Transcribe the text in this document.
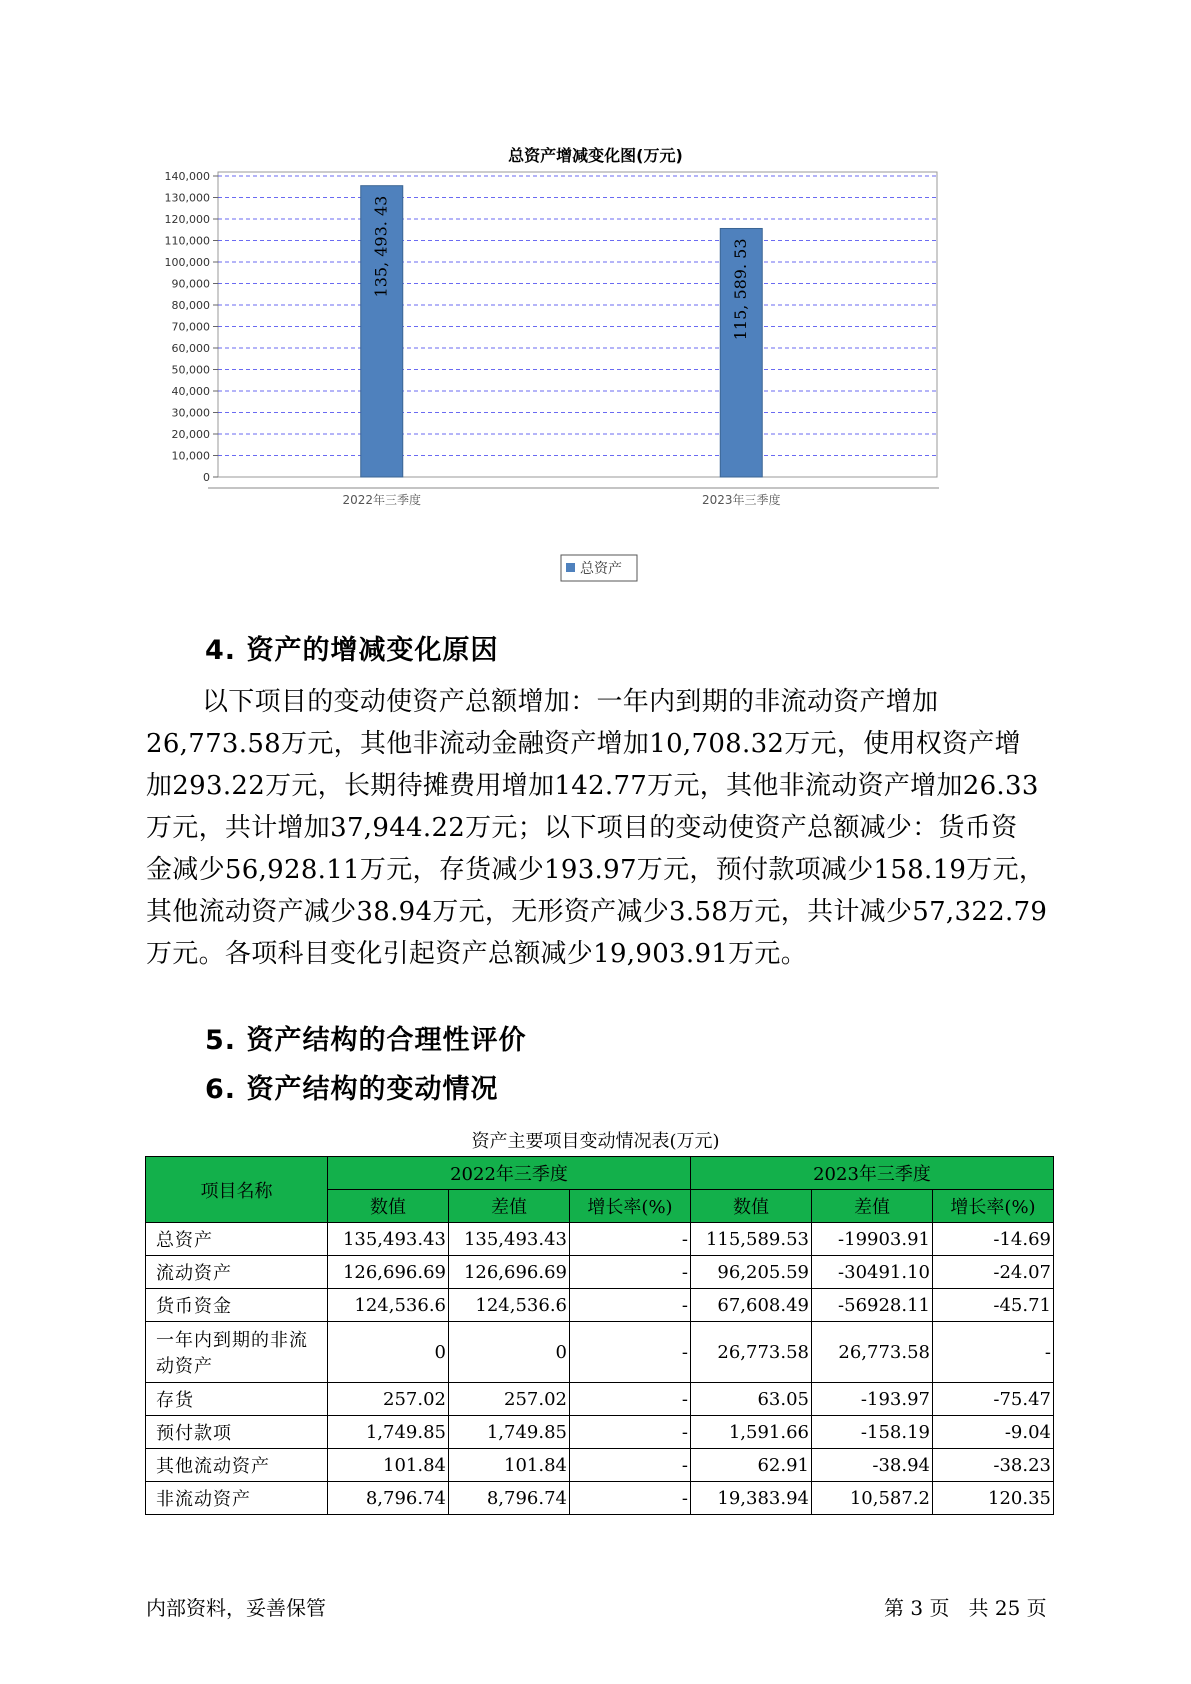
总资产增减变化图(万元)
0
10,000
20,000
30,000
40,000
50,000
60,000
70,000
80,000
90,000
100,000
110,000
120,000
130,000
140,000
135, 493. 43
2022年三季度
115, 589. 53
2023年三季度
总资产
4. 资产的增减变化原因
以下项目的变动使资产总额增加：一年内到期的非流动资产增加
26,773.58万元，其他非流动金融资产增加10,708.32万元，使用权资产增
加293.22万元，长期待摊费用增加142.77万元，其他非流动资产增加26.33
万元，共计增加37,944.22万元；以下项目的变动使资产总额减少：货币资
金减少56,928.11万元，存货减少193.97万元，预付款项减少158.19万元，
其他流动资产减少38.94万元，无形资产减少3.58万元，共计减少57,322.79
万元。各项科目变化引起资产总额减少19,903.91万元。
5. 资产结构的合理性评价
6. 资产结构的变动情况
资产主要项目变动情况表(万元)
项目名称	2022年三季度			2023年三季度		
	数值	差值	增长率(%)	数值	差值	增长率(%)
总资产	135,493.43	135,493.43	-	115,589.53	-19903.91	-14.69
流动资产	126,696.69	126,696.69	-	96,205.59	-30491.10	-24.07
货币资金	124,536.6	124,536.6	-	67,608.49	-56928.11	-45.71
一年内到期的非流动资产	0	0	-	26,773.58	26,773.58	-
存货	257.02	257.02	-	63.05	-193.97	-75.47
预付款项	1,749.85	1,749.85	-	1,591.66	-158.19	-9.04
其他流动资产	101.84	101.84	-	62.91	-38.94	-38.23
非流动资产	8,796.74	8,796.74	-	19,383.94	10,587.2	120.35
内部资料，妥善保管	第 3 页   共 25 页
